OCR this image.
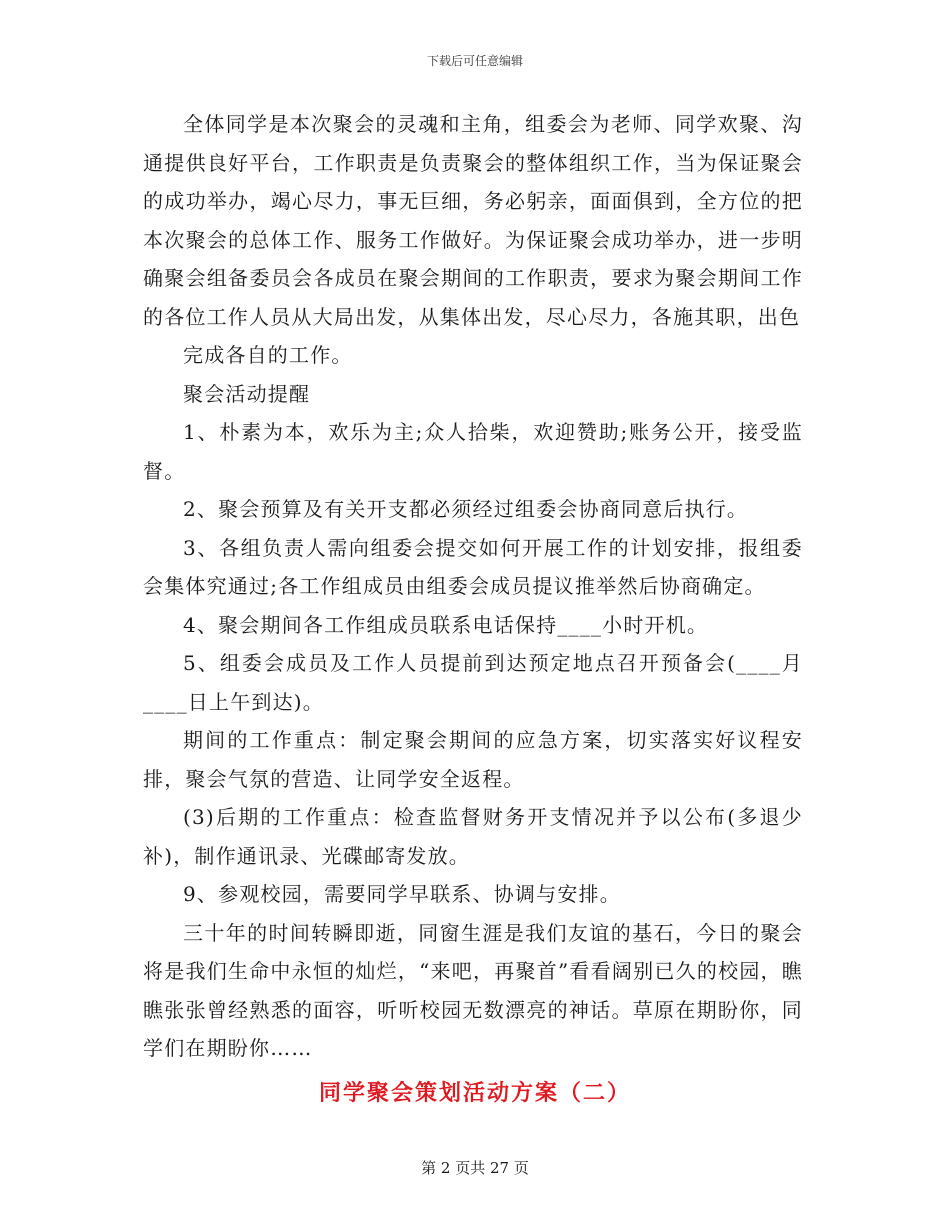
下载后可任意编辑

全体同学是本次聚会的灵魂和主角，组委会为老师、同学欢聚、沟通提供良好平台，工作职责是负责聚会的整体组织工作，当为保证聚会的成功举办，竭心尽力，事无巨细，务必躬亲，面面俱到，全方位的把本次聚会的总体工作、服务工作做好。为保证聚会成功举办，进一步明确聚会组备委员会各成员在聚会期间的工作职责，要求为聚会期间工作的各位工作人员从大局出发，从集体出发，尽心尽力，各施其职，出色

完成各自的工作。

聚会活动提醒

1、朴素为本，欢乐为主;众人拾柴，欢迎赞助;账务公开，接受监督。

2、聚会预算及有关开支都必须经过组委会协商同意后执行。

3、各组负责人需向组委会提交如何开展工作的计划安排，报组委会集体究通过;各工作组成员由组委会成员提议推举然后协商确定。

4、聚会期间各工作组成员联系电话保持____小时开机。

5、组委会成员及工作人员提前到达预定地点召开预备会(____月____日上午到达)。

期间的工作重点：制定聚会期间的应急方案，切实落实好议程安排，聚会气氛的营造、让同学安全返程。

(3)后期的工作重点：检查监督财务开支情况并予以公布(多退少补)，制作通讯录、光碟邮寄发放。

9、参观校园，需要同学早联系、协调与安排。

三十年的时间转瞬即逝，同窗生涯是我们友谊的基石，今日的聚会将是我们生命中永恒的灿烂，“来吧，再聚首”看看阔别已久的校园，瞧瞧张张曾经熟悉的面容，听听校园无数漂亮的神话。草原在期盼你，同学们在期盼你……

同学聚会策划活动方案（二）
第 2 页共 27 页
